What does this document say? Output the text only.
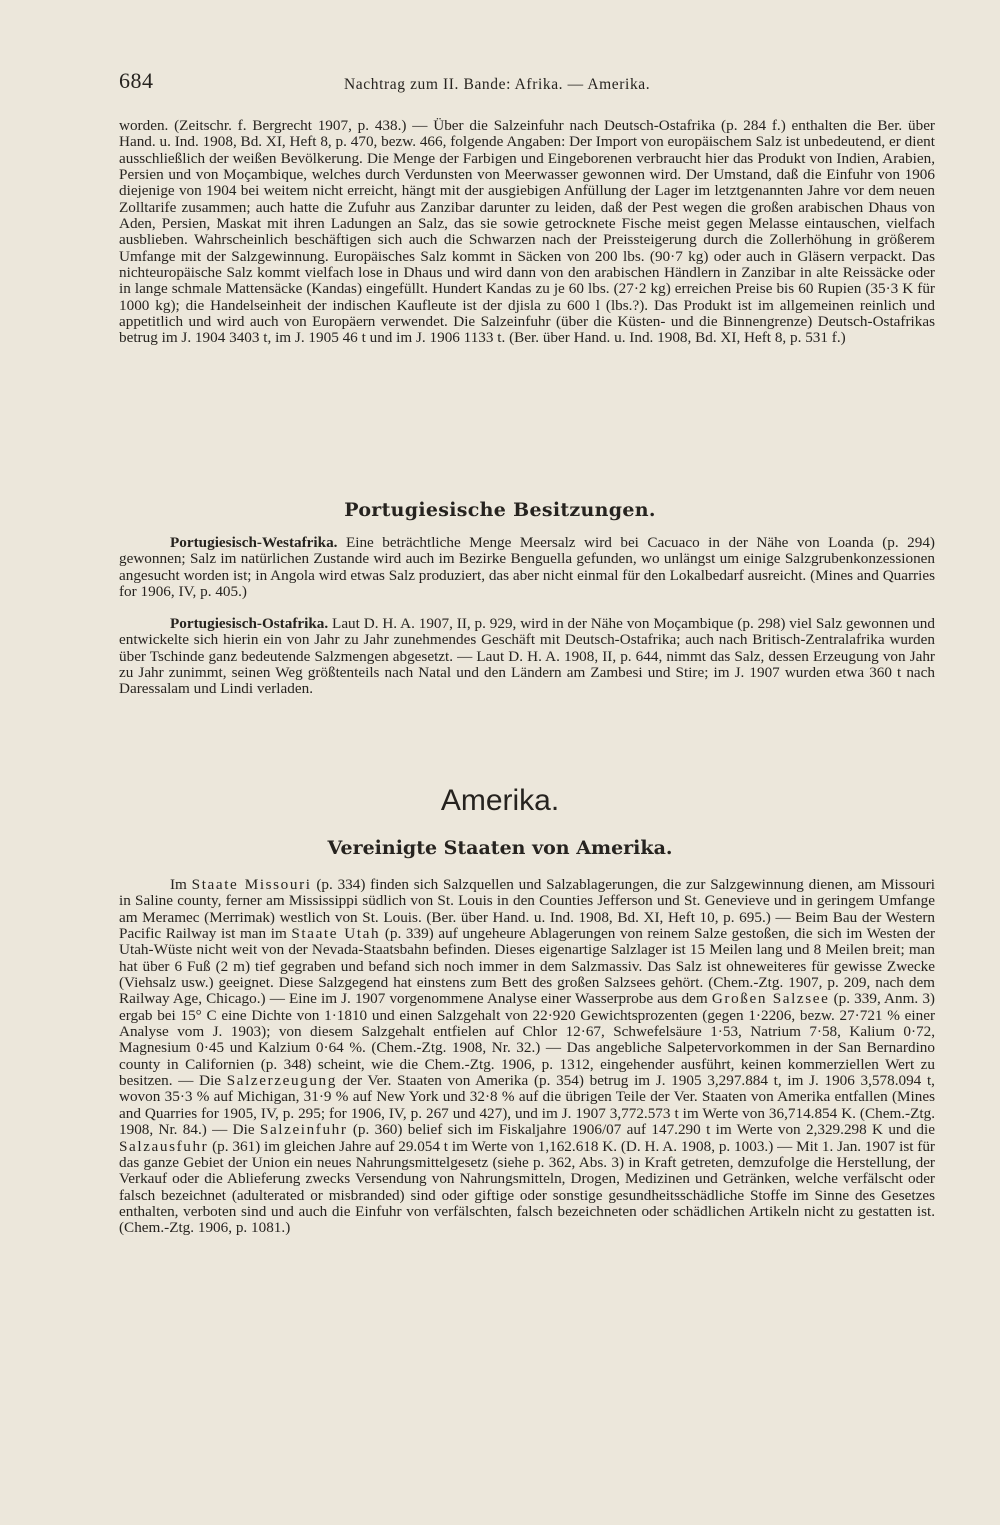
684	Nachtrag zum II. Bande: Afrika. — Amerika.

worden. (Zeitschr. f. Bergrecht 1907, p. 438.) — Über die Salzeinfuhr nach Deutsch-Ostafrika (p. 284 f.) enthalten die Ber. über Hand. u. Ind. 1908, Bd. XI, Heft 8, p. 470, bezw. 466, folgende Angaben: Der Import von europäischem Salz ist unbedeutend, er dient ausschließlich der weißen Bevölkerung. Die Menge der Farbigen und Eingeborenen verbraucht hier das Produkt von Indien, Arabien, Persien und von Moçambique, welches durch Verdunsten von Meerwasser gewonnen wird. Der Umstand, daß die Einfuhr von 1906 diejenige von 1904 bei weitem nicht erreicht, hängt mit der ausgiebigen Anfüllung der Lager im letztgenannten Jahre vor dem neuen Zolltarife zusammen; auch hatte die Zufuhr aus Zanzibar darunter zu leiden, daß der Pest wegen die großen arabischen Dhaus von Aden, Persien, Maskat mit ihren Ladungen an Salz, das sie sowie getrocknete Fische meist gegen Melasse eintauschen, vielfach ausblieben. Wahrscheinlich beschäftigen sich auch die Schwarzen nach der Preissteigerung durch die Zollerhöhung in größerem Umfange mit der Salzgewinnung. Europäisches Salz kommt in Säcken von 200 lbs. (90·7 kg) oder auch in Gläsern verpackt. Das nichteuropäische Salz kommt vielfach lose in Dhaus und wird dann von den arabischen Händlern in Zanzibar in alte Reissäcke oder in lange schmale Mattensäcke (Kandas) eingefüllt. Hundert Kandas zu je 60 lbs. (27·2 kg) erreichen Preise bis 60 Rupien (35·3 K für 1000 kg); die Handelseinheit der indischen Kaufleute ist der djisla zu 600 l (lbs.?). Das Produkt ist im allgemeinen reinlich und appetitlich und wird auch von Europäern verwendet. Die Salzeinfuhr (über die Küsten- und die Binnengrenze) Deutsch-Ostafrikas betrug im J. 1904 3403 t, im J. 1905 46 t und im J. 1906 1133 t. (Ber. über Hand. u. Ind. 1908, Bd. XI, Heft 8, p. 531 f.)

Portugiesische Besitzungen.

Portugiesisch-Westafrika. Eine beträchtliche Menge Meersalz wird bei Cacuaco in der Nähe von Loanda (p. 294) gewonnen; Salz im natürlichen Zustande wird auch im Bezirke Benguella gefunden, wo unlängst um einige Salzgrubenkonzessionen angesucht worden ist; in Angola wird etwas Salz produziert, das aber nicht einmal für den Lokalbedarf ausreicht. (Mines and Quarries for 1906, IV, p. 405.)

Portugiesisch-Ostafrika. Laut D. H. A. 1907, II, p. 929, wird in der Nähe von Moçambique (p. 298) viel Salz gewonnen und entwickelte sich hierin ein von Jahr zu Jahr zunehmendes Geschäft mit Deutsch-Ostafrika; auch nach Britisch-Zentralafrika wurden über Tschinde ganz bedeutende Salzmengen abgesetzt. — Laut D. H. A. 1908, II, p. 644, nimmt das Salz, dessen Erzeugung von Jahr zu Jahr zunimmt, seinen Weg größtenteils nach Natal und den Ländern am Zambesi und Stire; im J. 1907 wurden etwa 360 t nach Daressalam und Lindi verladen.

Amerika.
Vereinigte Staaten von Amerika.

Im Staate Missouri (p. 334) finden sich Salzquellen und Salzablagerungen, die zur Salzgewinnung dienen, am Missouri in Saline county, ferner am Mississippi südlich von St. Louis in den Counties Jefferson und St. Genevieve und in geringem Umfange am Meramec (Merrimak) westlich von St. Louis. (Ber. über Hand. u. Ind. 1908, Bd. XI, Heft 10, p. 695.) — Beim Bau der Western Pacific Railway ist man im Staate Utah (p. 339) auf ungeheure Ablagerungen von reinem Salze gestoßen, die sich im Westen der Utah-Wüste nicht weit von der Nevada-Staatsbahn befinden. Dieses eigenartige Salzlager ist 15 Meilen lang und 8 Meilen breit; man hat über 6 Fuß (2 m) tief gegraben und befand sich noch immer in dem Salzmassiv. Das Salz ist ohneweiteres für gewisse Zwecke (Viehsalz usw.) geeignet. Diese Salzgegend hat einstens zum Bett des großen Salzsees gehört. (Chem.-Ztg. 1907, p. 209, nach dem Railway Age, Chicago.) — Eine im J. 1907 vorgenommene Analyse einer Wasserprobe aus dem Großen Salzsee (p. 339, Anm. 3) ergab bei 15° C eine Dichte von 1·1810 und einen Salzgehalt von 22·920 Gewichtsprozenten (gegen 1·2206, bezw. 27·721 % einer Analyse vom J. 1903); von diesem Salzgehalt entfielen auf Chlor 12·67, Schwefelsäure 1·53, Natrium 7·58, Kalium 0·72, Magnesium 0·45 und Kalzium 0·64 %. (Chem.-Ztg. 1908, Nr. 32.) — Das angebliche Salpetervorkommen in der San Bernardino county in Californien (p. 348) scheint, wie die Chem.-Ztg. 1906, p. 1312, eingehender ausführt, keinen kommerziellen Wert zu besitzen. — Die Salzerzeugung der Ver. Staaten von Amerika (p. 354) betrug im J. 1905 3,297.884 t, im J. 1906 3,578.094 t, wovon 35·3 % auf Michigan, 31·9 % auf New York und 32·8 % auf die übrigen Teile der Ver. Staaten von Amerika entfallen (Mines and Quarries for 1905, IV, p. 295; for 1906, IV, p. 267 und 427), und im J. 1907 3,772.573 t im Werte von 36,714.854 K. (Chem.-Ztg. 1908, Nr. 84.) — Die Salzeinfuhr (p. 360) belief sich im Fiskaljahre 1906/07 auf 147.290 t im Werte von 2,329.298 K und die Salzausfuhr (p. 361) im gleichen Jahre auf 29.054 t im Werte von 1,162.618 K. (D. H. A. 1908, p. 1003.) — Mit 1. Jan. 1907 ist für das ganze Gebiet der Union ein neues Nahrungsmittelgesetz (siehe p. 362, Abs. 3) in Kraft getreten, demzufolge die Herstellung, der Verkauf oder die Ablieferung zwecks Versendung von Nahrungsmitteln, Drogen, Medizinen und Getränken, welche verfälscht oder falsch bezeichnet (adulterated or misbranded) sind oder giftige oder sonstige gesundheitsschädliche Stoffe im Sinne des Gesetzes enthalten, verboten sind und auch die Einfuhr von verfälschten, falsch bezeichneten oder schädlichen Artikeln nicht zu gestatten ist. (Chem.-Ztg. 1906, p. 1081.)
